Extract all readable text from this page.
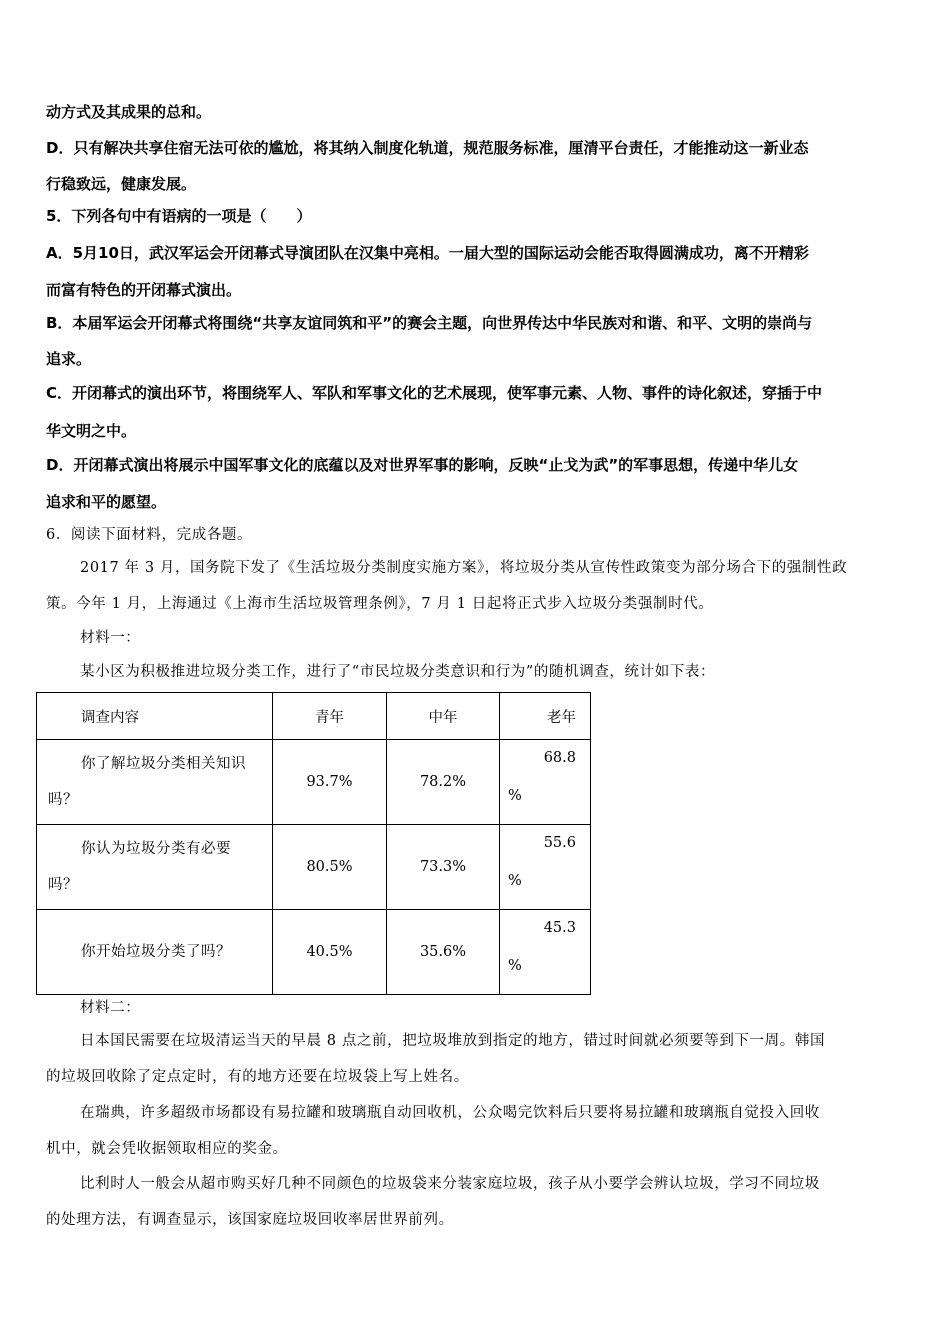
动方式及其成果的总和。
D．只有解决共享住宿无法可依的尴尬，将其纳入制度化轨道，规范服务标准，厘清平台责任，才能推动这一新业态
行稳致远，健康发展。
5．下列各句中有语病的一项是（　　）
A．5月10日，武汉军运会开闭幕式导演团队在汉集中亮相。一届大型的国际运动会能否取得圆满成功，离不开精彩
而富有特色的开闭幕式演出。
B．本届军运会开闭幕式将围绕“共享友谊同筑和平”的赛会主题，向世界传达中华民族对和谐、和平、文明的崇尚与
追求。
C．开闭幕式的演出环节，将围绕军人、军队和军事文化的艺术展现，使军事元素、人物、事件的诗化叙述，穿插于中
华文明之中。
D．开闭幕式演出将展示中国军事文化的底蕴以及对世界军事的影响，反映“止戈为武”的军事思想，传递中华儿女
追求和平的愿望。
6．阅读下面材料，完成各题。
2017 年 3 月，国务院下发了《生活垃圾分类制度实施方案》，将垃圾分类从宣传性政策变为部分场合下的强制性政
策。今年 1 月，上海通过《上海市生活垃圾管理条例》，7 月 1 日起将正式步入垃圾分类强制时代。
材料一：
某小区为积极推进垃圾分类工作，进行了“市民垃圾分类意识和行为”的随机调查，统计如下表：
调查内容	青年	中年	老年

你了解垃圾分类相关知识
吗？	93.7%	78.2%	68.8
%

你认为垃圾分类有必要
吗？	80.5%	73.3%	55.6
%

你开始垃圾分类了吗？	40.5%	35.6%	45.3
%
材料二：
日本国民需要在垃圾清运当天的早晨 8 点之前，把垃圾堆放到指定的地方，错过时间就必须要等到下一周。韩国
的垃圾回收除了定点定时，有的地方还要在垃圾袋上写上姓名。
在瑞典，许多超级市场都设有易拉罐和玻璃瓶自动回收机，公众喝完饮料后只要将易拉罐和玻璃瓶自觉投入回收
机中，就会凭收据领取相应的奖金。
比利时人一般会从超市购买好几种不同颜色的垃圾袋来分装家庭垃圾，孩子从小要学会辨认垃圾，学习不同垃圾
的处理方法，有调查显示，该国家庭垃圾回收率居世界前列。
